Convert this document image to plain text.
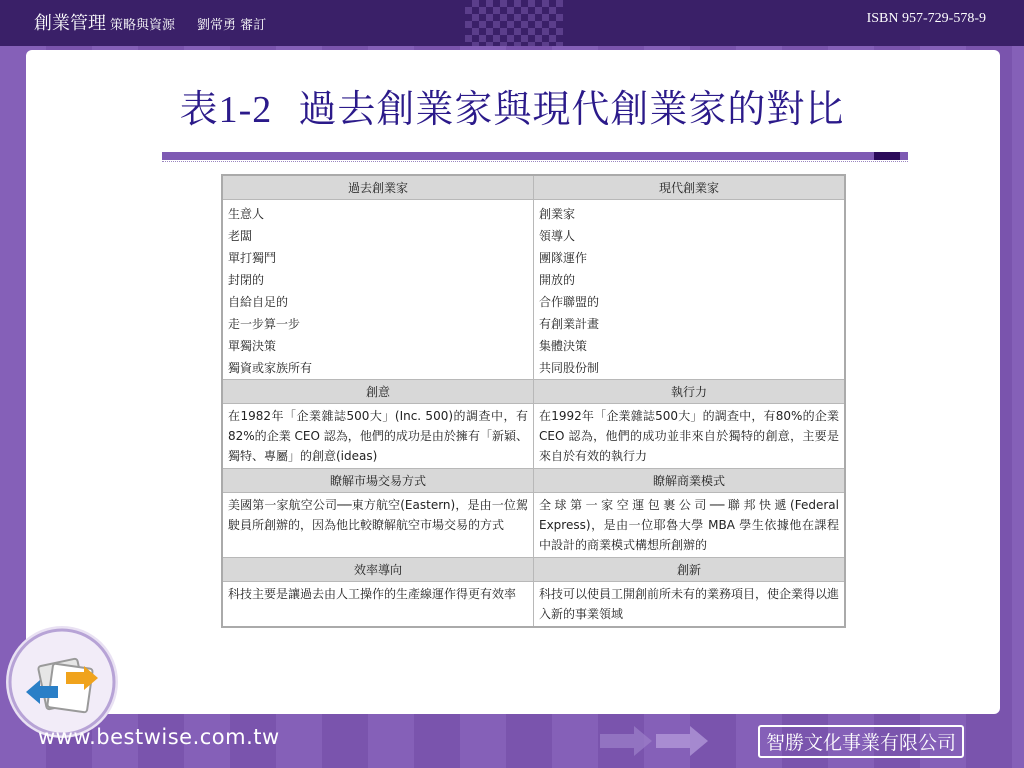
創業管理 策略與資源 劉常勇 審訂	ISBN 957-729-578-9
表1-2 過去創業家與現代創業家的對比
過去創業家	現代創業家
生意人	創業家
老闆	領導人
單打獨鬥	團隊運作
封閉的	開放的
自給自足的	合作聯盟的
走一步算一步	有創業計畫
單獨決策	集體決策
獨資或家族所有	共同股份制
創意	執行力
在1982年「企業雜誌500大」(Inc. 500)的調查中，有82%的企業 CEO 認為，他們的成功是由於擁有「新穎、獨特、專屬」的創意(ideas)	在1992年「企業雜誌500大」的調查中，有80%的企業 CEO 認為，他們的成功並非來自於獨特的創意，主要是來自於有效的執行力
瞭解市場交易方式	瞭解商業模式
美國第一家航空公司──東方航空(Eastern)，是由一位駕駛員所創辦的，因為他比較瞭解航空市場交易的方式	全球第一家空運包裹公司──聯邦快遞(Federal Express)，是由一位耶魯大學 MBA 學生依據他在課程中設計的商業模式構想所創辦的
效率導向	創新
科技主要是讓過去由人工操作的生產線運作得更有效率	科技可以使員工開創前所未有的業務項目，使企業得以進入新的事業領域
www.bestwise.com.tw	智勝文化事業有限公司
